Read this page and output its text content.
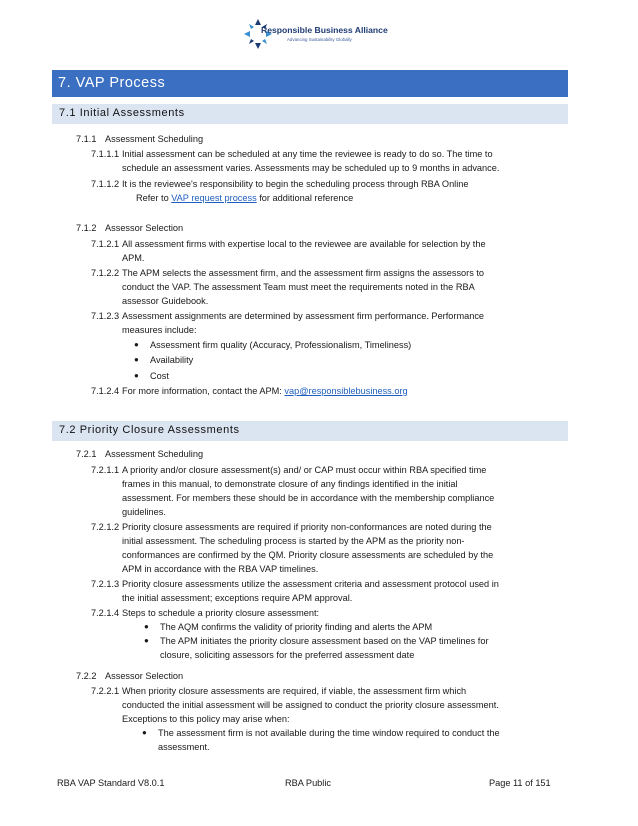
Responsible Business Alliance
Advancing Sustainability Globally
7. VAP Process
7.1 Initial Assessments
7.1.1 Assessment Scheduling
7.1.1.1 Initial assessment can be scheduled at any time the reviewee is ready to do so. The time to
schedule an assessment varies. Assessments may be scheduled up to 9 months in advance.
7.1.1.2 It is the reviewee's responsibility to begin the scheduling process through RBA Online
Refer to VAP request process for additional reference
7.1.2 Assessor Selection
7.1.2.1 All assessment firms with expertise local to the reviewee are available for selection by the
APM.
7.1.2.2 The APM selects the assessment firm, and the assessment firm assigns the assessors to
conduct the VAP. The assessment Team must meet the requirements noted in the RBA
assessor Guidebook.
7.1.2.3 Assessment assignments are determined by assessment firm performance. Performance
measures include:
● Assessment firm quality (Accuracy, Professionalism, Timeliness)
● Availability
● Cost
7.1.2.4 For more information, contact the APM: vap@responsiblebusiness.org
7.2 Priority Closure Assessments
7.2.1 Assessment Scheduling
7.2.1.1 A priority and/or closure assessment(s) and/ or CAP must occur within RBA specified time
frames in this manual, to demonstrate closure of any findings identified in the initial
assessment. For members these should be in accordance with the membership compliance
guidelines.
7.2.1.2 Priority closure assessments are required if priority non-conformances are noted during the
initial assessment. The scheduling process is started by the APM as the priority non-
conformances are confirmed by the QM. Priority closure assessments are scheduled by the
APM in accordance with the RBA VAP timelines.
7.2.1.3 Priority closure assessments utilize the assessment criteria and assessment protocol used in
the initial assessment; exceptions require APM approval.
7.2.1.4 Steps to schedule a priority closure assessment:
● The AQM confirms the validity of priority finding and alerts the APM
● The APM initiates the priority closure assessment based on the VAP timelines for
closure, soliciting assessors for the preferred assessment date
7.2.2 Assessor Selection
7.2.2.1 When priority closure assessments are required, if viable, the assessment firm which
conducted the initial assessment will be assigned to conduct the priority closure assessment.
Exceptions to this policy may arise when:
● The assessment firm is not available during the time window required to conduct the
assessment.
RBA VAP Standard V8.0.1	RBA Public	Page 11 of 151
